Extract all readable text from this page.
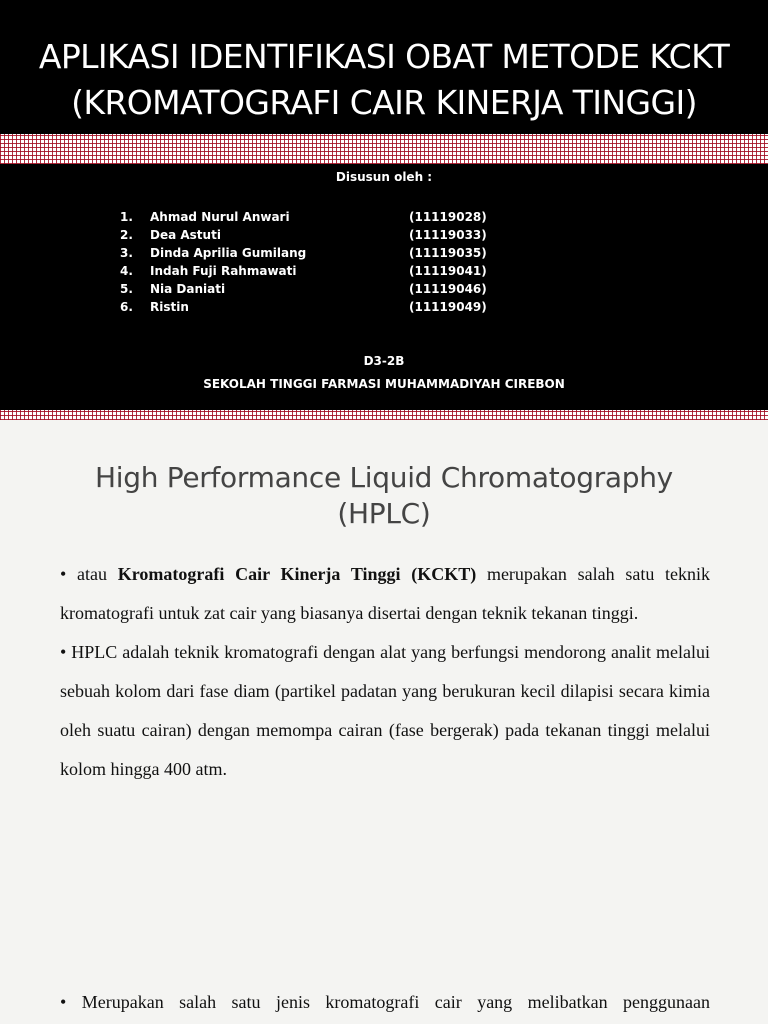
APLIKASI IDENTIFIKASI OBAT METODE KCKT
(KROMATOGRAFI CAIR KINERJA TINGGI)
Disusun oleh :
1. Ahmad Nurul Anwari	(11119028)
2. Dea Astuti	(11119033)
3. Dinda Aprilia Gumilang	(11119035)
4. Indah Fuji Rahmawati	(11119041)
5. Nia Daniati	(11119046)
6. Ristin	(11119049)
D3-2B
SEKOLAH TINGGI FARMASI MUHAMMADIYAH CIREBON
High Performance Liquid Chromatography
(HPLC)

• atau Kromatografi Cair Kinerja Tinggi (KCKT) merupakan salah satu teknik kromatografi untuk zat cair yang biasanya disertai dengan teknik tekanan tinggi.

• HPLC adalah teknik kromatografi dengan alat yang berfungsi mendorong analit melalui sebuah kolom dari fase diam (partikel padatan yang berukuran kecil dilapisi secara kimia oleh suatu cairan) dengan memompa cairan (fase bergerak) pada tekanan tinggi melalui kolom hingga 400 atm.

• Merupakan salah satu jenis kromatografi cair yang melibatkan penggunaan
